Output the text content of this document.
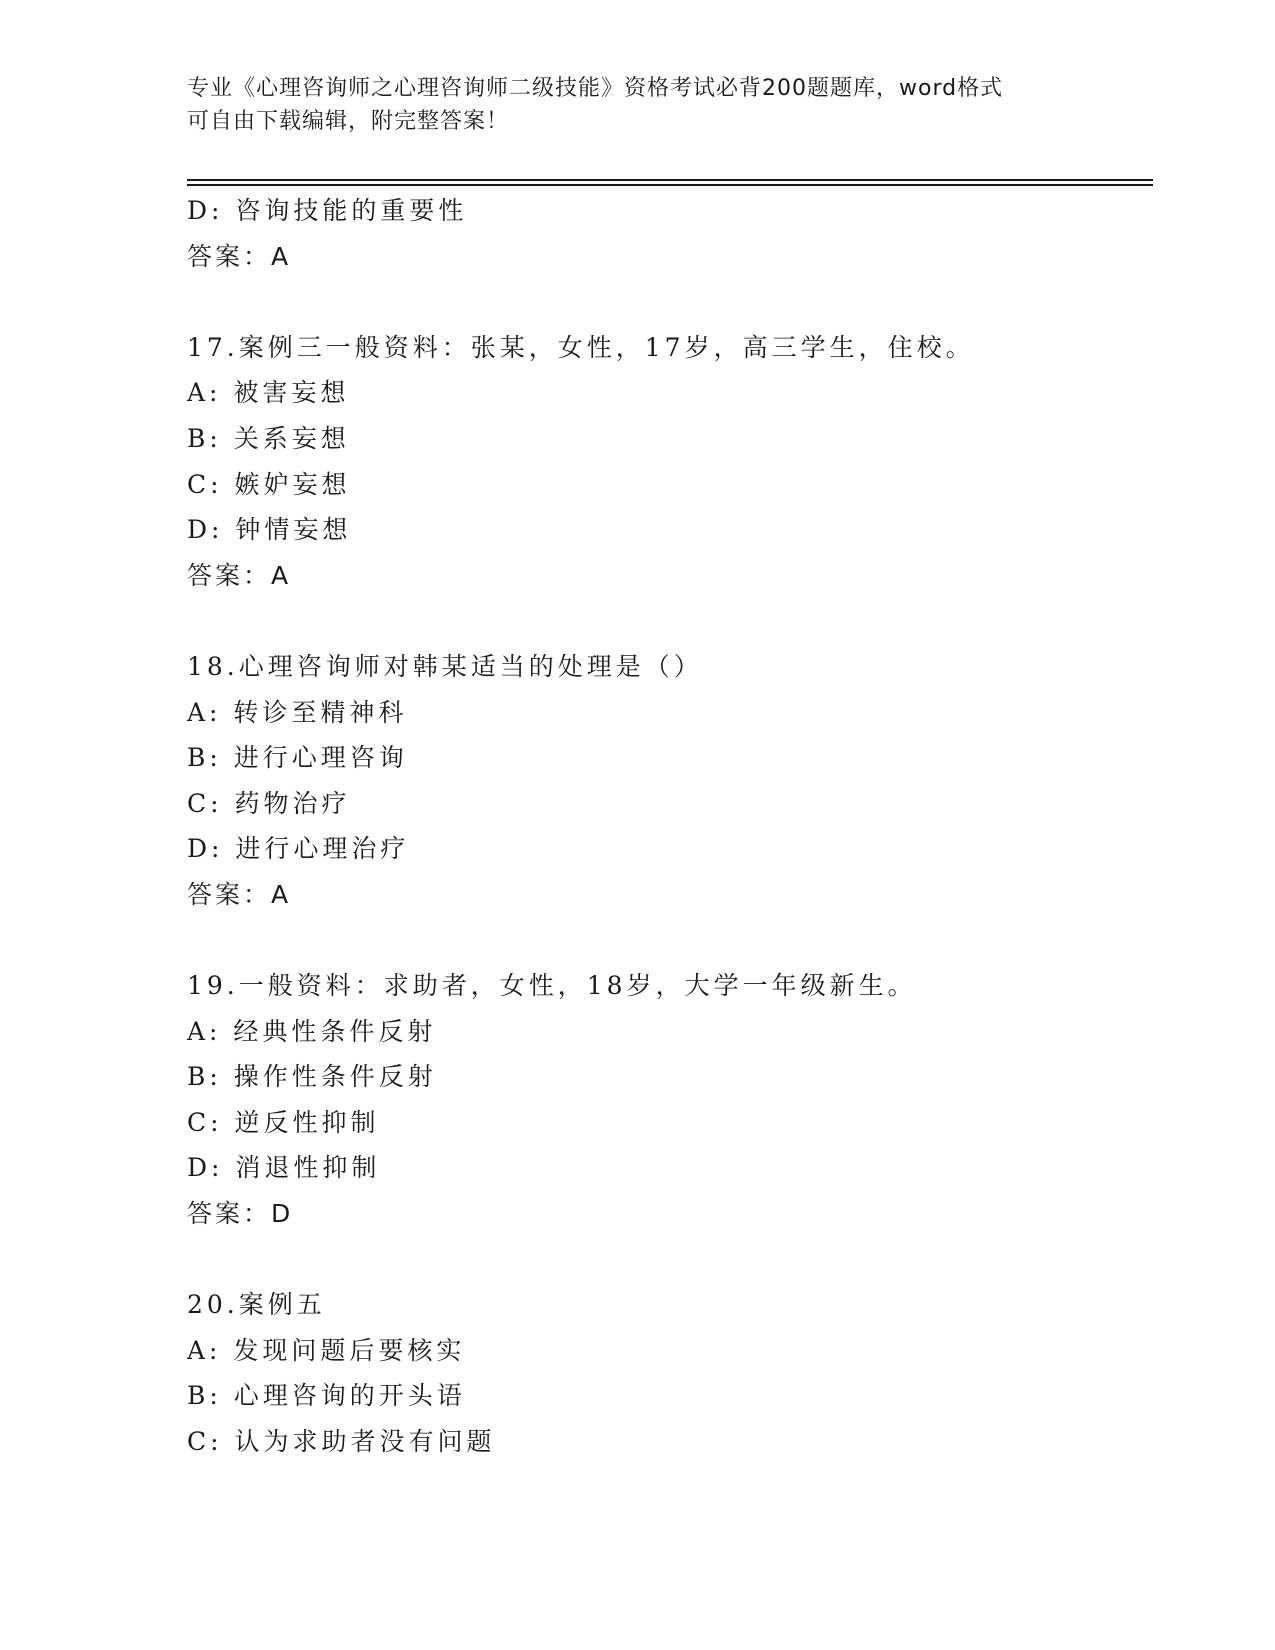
专业《心理咨询师之心理咨询师二级技能》资格考试必背200题题库，word格式
可自由下载编辑，附完整答案！
D: 咨询技能的重要性
答案：A
17.案例三一般资料：张某，女性，17岁，高三学生，住校。
A: 被害妄想
B: 关系妄想
C: 嫉妒妄想
D: 钟情妄想
答案：A
18.心理咨询师对韩某适当的处理是（）
A: 转诊至精神科
B: 进行心理咨询
C: 药物治疗
D: 进行心理治疗
答案：A
19.一般资料：求助者，女性，18岁，大学一年级新生。
A: 经典性条件反射
B: 操作性条件反射
C: 逆反性抑制
D: 消退性抑制
答案：D
20.案例五
A: 发现问题后要核实
B: 心理咨询的开头语
C: 认为求助者没有问题
